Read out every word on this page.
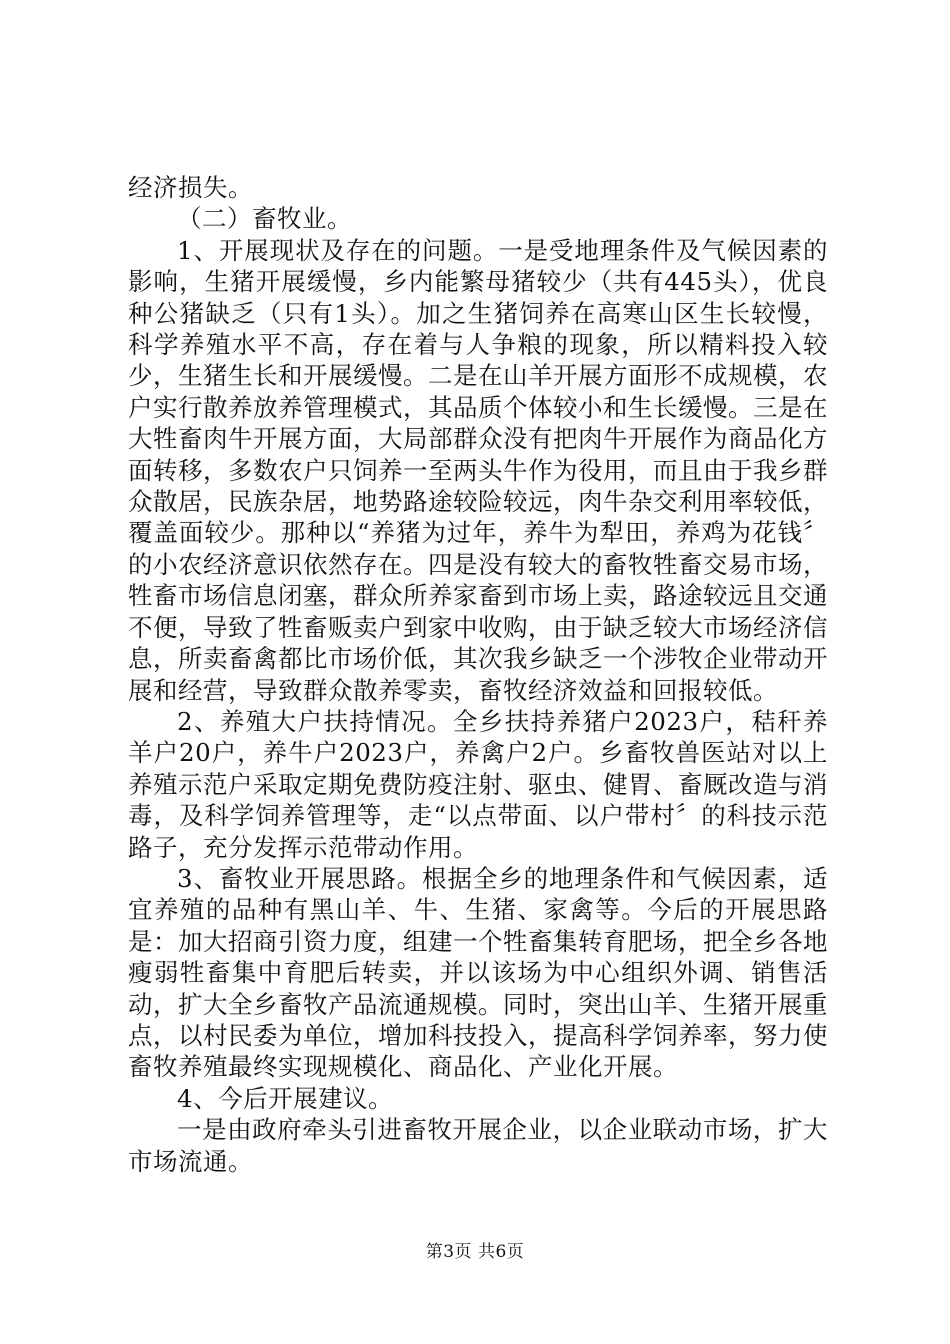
经济损失。

（二）畜牧业。

1、开展现状及存在的问题。一是受地理条件及气候因素的影响，生猪开展缓慢，乡内能繁母猪较少（共有445头），优良种公猪缺乏（只有1头）。加之生猪饲养在高寒山区生长较慢，科学养殖水平不高，存在着与人争粮的现象，所以精料投入较少，生猪生长和开展缓慢。二是在山羊开展方面形不成规模，农户实行散养放养管理模式，其品质个体较小和生长缓慢。三是在大牲畜肉牛开展方面，大局部群众没有把肉牛开展作为商品化方面转移，多数农户只饲养一至两头牛作为役用，而且由于我乡群众散居，民族杂居，地势路途较险较远，肉牛杂交利用率较低，覆盖面较少。那种以“养猪为过年，养牛为犁田，养鸡为花钱〞的小农经济意识依然存在。四是没有较大的畜牧牲畜交易市场，牲畜市场信息闭塞，群众所养家畜到市场上卖，路途较远且交通不便，导致了牲畜贩卖户到家中收购，由于缺乏较大市场经济信息，所卖畜禽都比市场价低，其次我乡缺乏一个涉牧企业带动开展和经营，导致群众散养零卖，畜牧经济效益和回报较低。

2、养殖大户扶持情况。全乡扶持养猪户2023户，秸秆养羊户20户，养牛户2023户，养禽户2户。乡畜牧兽医站对以上养殖示范户采取定期免费防疫注射、驱虫、健胃、畜厩改造与消毒，及科学饲养管理等，走“以点带面、以户带村〞的科技示范路子，充分发挥示范带动作用。

3、畜牧业开展思路。根据全乡的地理条件和气候因素，适宜养殖的品种有黑山羊、牛、生猪、家禽等。今后的开展思路是：加大招商引资力度，组建一个牲畜集转育肥场，把全乡各地瘦弱牲畜集中育肥后转卖，并以该场为中心组织外调、销售活动，扩大全乡畜牧产品流通规模。同时，突出山羊、生猪开展重点，以村民委为单位，增加科技投入，提高科学饲养率，努力使畜牧养殖最终实现规模化、商品化、产业化开展。

4、今后开展建议。

一是由政府牵头引进畜牧开展企业，以企业联动市场，扩大市场流通。

第3页 共6页
